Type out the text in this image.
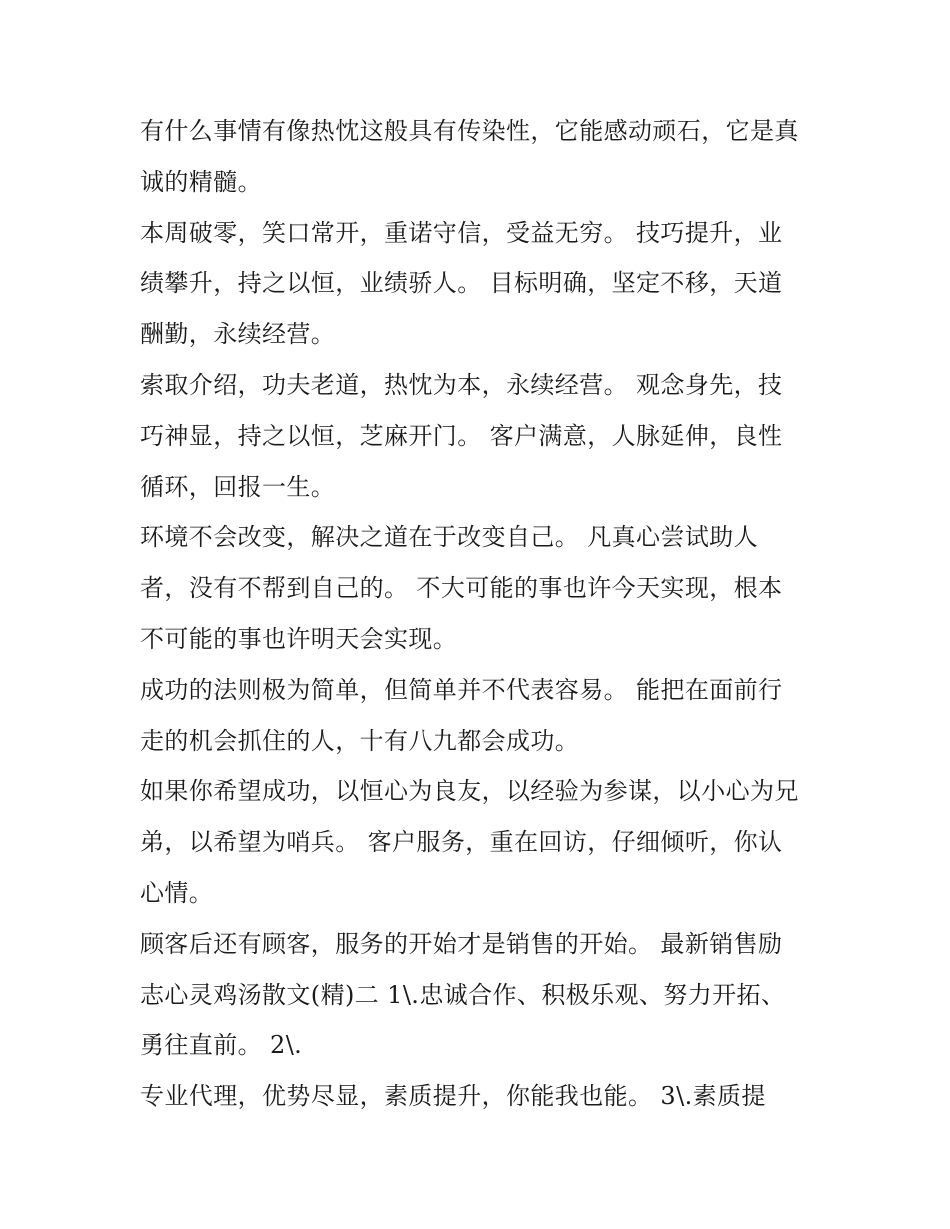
有什么事情有像热忱这般具有传染性，它能感动顽石，它是真
诚的精髓。
本周破零，笑口常开，重诺守信，受益无穷。 技巧提升，业
绩攀升，持之以恒，业绩骄人。 目标明确，坚定不移，天道
酬勤，永续经营。
索取介绍，功夫老道，热忱为本，永续经营。 观念身先，技
巧神显，持之以恒，芝麻开门。 客户满意，人脉延伸，良性
循环，回报一生。
环境不会改变，解决之道在于改变自己。 凡真心尝试助人
者，没有不帮到自己的。 不大可能的事也许今天实现，根本
不可能的事也许明天会实现。
成功的法则极为简单，但简单并不代表容易。 能把在面前行
走的机会抓住的人，十有八九都会成功。
如果你希望成功，以恒心为良友，以经验为参谋，以小心为兄
弟，以希望为哨兵。 客户服务，重在回访，仔细倾听，你认
心情。
顾客后还有顾客，服务的开始才是销售的开始。 最新销售励
志心灵鸡汤散文(精)二 1\.忠诚合作、积极乐观、努力开拓、
勇往直前。 2\.
专业代理，优势尽显，素质提升，你能我也能。 3\.素质提
